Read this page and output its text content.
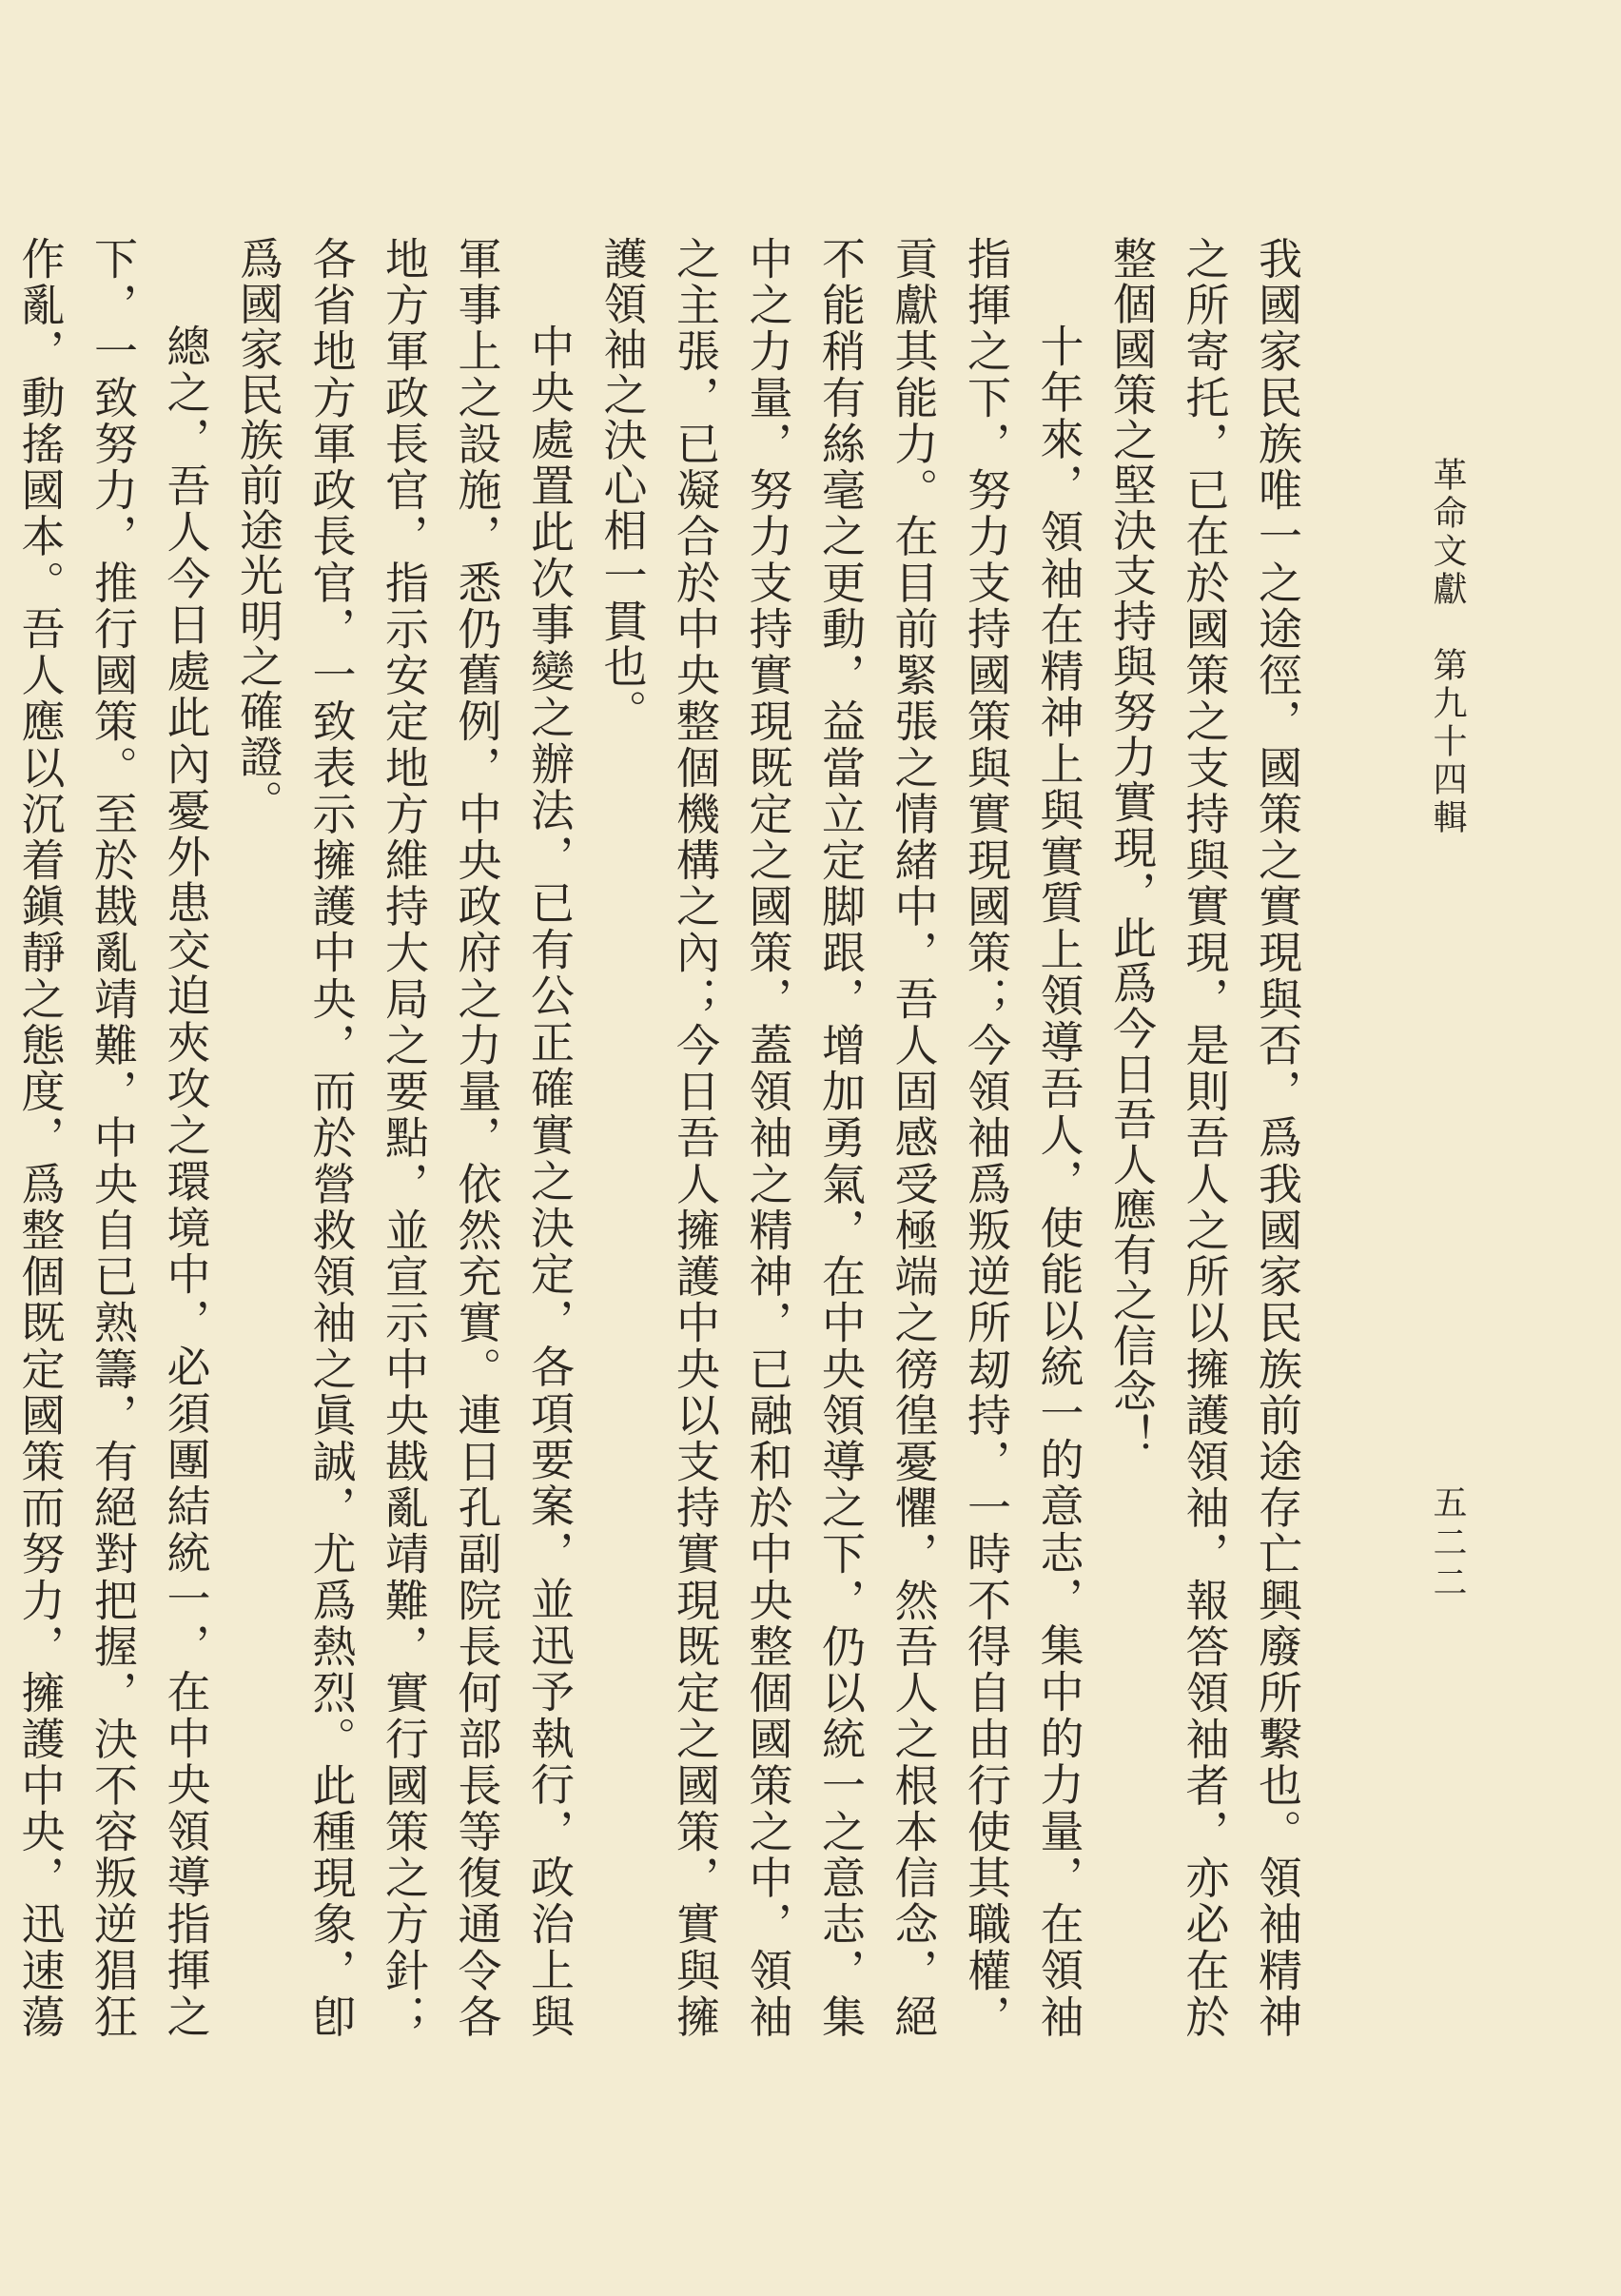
革命文獻　第九十四輯
五二二

我國家民族唯一之途徑，國策之實現與否，爲我國家民族前途存亡興廢所繫也。領袖精神之所寄托，已在於國策之支持與實現，是則吾人之所以擁護領袖，報答領袖者，亦必在於整個國策之堅決支持與努力實現，此爲今日吾人應有之信念！

十年來，領袖在精神上與實質上領導吾人，使能以統一的意志，集中的力量，在領袖指揮之下，努力支持國策與實現國策；今領袖爲叛逆所刼持，一時不得自由行使其職權，貢獻其能力。在目前緊張之情緒中，吾人固感受極端之徬徨憂懼，然吾人之根本信念，絕不能稍有絲毫之更動，益當立定脚跟，增加勇氣，在中央領導之下，仍以統一之意志，集中之力量，努力支持實現既定之國策，蓋領袖之精神，已融和於中央整個國策之中，領袖之主張，已凝合於中央整個機構之內；今日吾人擁護中央以支持實現既定之國策，實與擁護領袖之決心相一貫也。

中央處置此次事變之辦法，已有公正確實之決定，各項要案，並迅予執行，政治上與軍事上之設施，悉仍舊例，中央政府之力量，依然充實。連日孔副院長何部長等復通令各地方軍政長官，指示安定地方維持大局之要點，並宣示中央戡亂靖難，實行國策之方針；各省地方軍政長官，一致表示擁護中央，而於營救領袖之眞誠，尤爲熱烈。此種現象，卽爲國家民族前途光明之確證。

總之，吾人今日處此內憂外患交迫夾攻之環境中，必須團結統一，在中央領導指揮之下，一致努力，推行國策。至於戡亂靖難，中央自已熟籌，有絕對把握，決不容叛逆猖狂作亂，動搖國本。吾人應以沉着鎭靜之態度，爲整個既定國策而努力，擁護中央，迅速蕩
